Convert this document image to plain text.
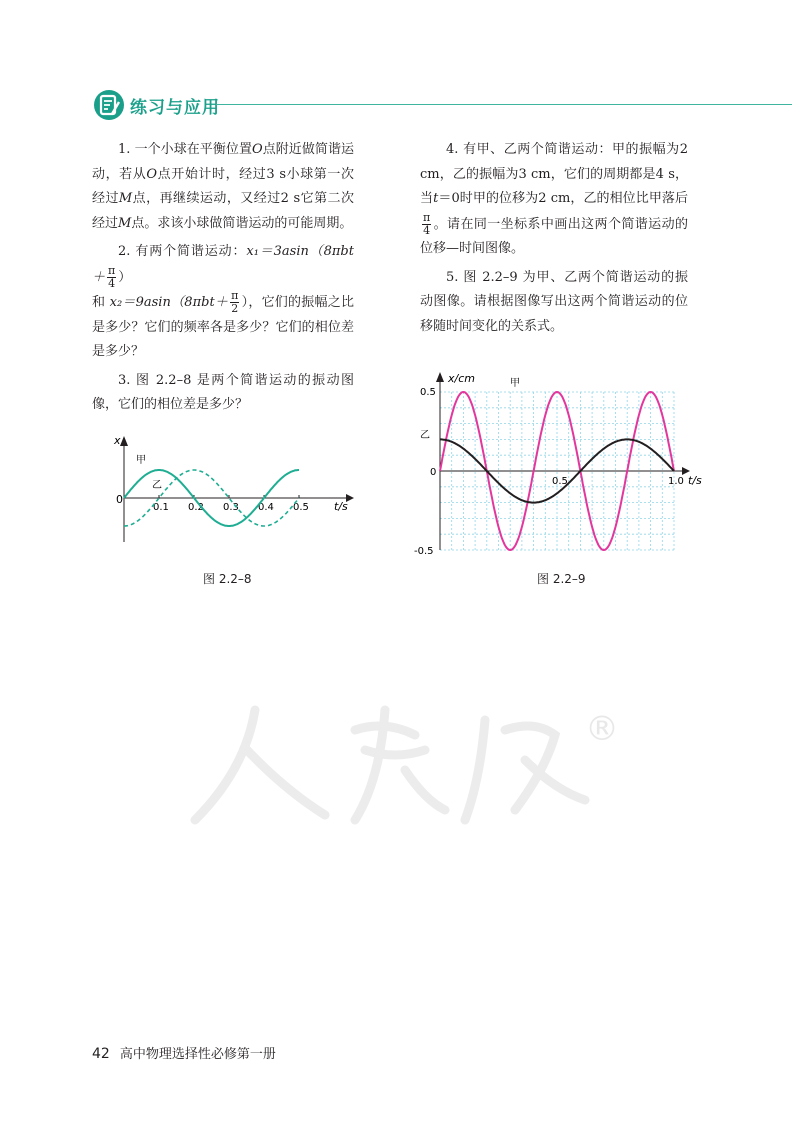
练习与应用

1. 一个小球在平衡位置O点附近做简谐运动，若从O点开始计时，经过3 s小球第一次经过M点，再继续运动，又经过2 s它第二次经过M点。求该小球做简谐运动的可能周期。

2. 有两个简谐运动：$x_1=3asin(8\pi bt+ \frac{\pi}{4}$ ）
和 $x_2=9asin(8\pi bt+ \frac{\pi}{2}$ ），它们的振幅之比是多少？它们的频率各是多少？它们的相位差是多少？

3. 图 2.2–8 是两个简谐运动的振动图像，它们的相位差是多少？

4. 有甲、乙两个简谐运动：甲的振幅为2 cm，乙的振幅为3 cm，它们的周期都是4 s，当t＝0时甲的位移为2 cm，乙的相位比甲落后
$\frac{\pi}{4}$ 。请在同一坐标系中画出这两个简谐运动的位移—时间图像。

5. 图 2.2–9 为甲、乙两个简谐运动的振动图像。请根据图像写出这两个简谐运动的位移随时间变化的关系式。

0.1 0.2 0.3 0.4 0.5
x
0
t/s
甲
乙
图 2.2–8
x/cm	甲
乙
0.5
0
-0.5
0.5	1.0 t/s
图 2.2–9
®
42 高中物理选择性必修第一册
